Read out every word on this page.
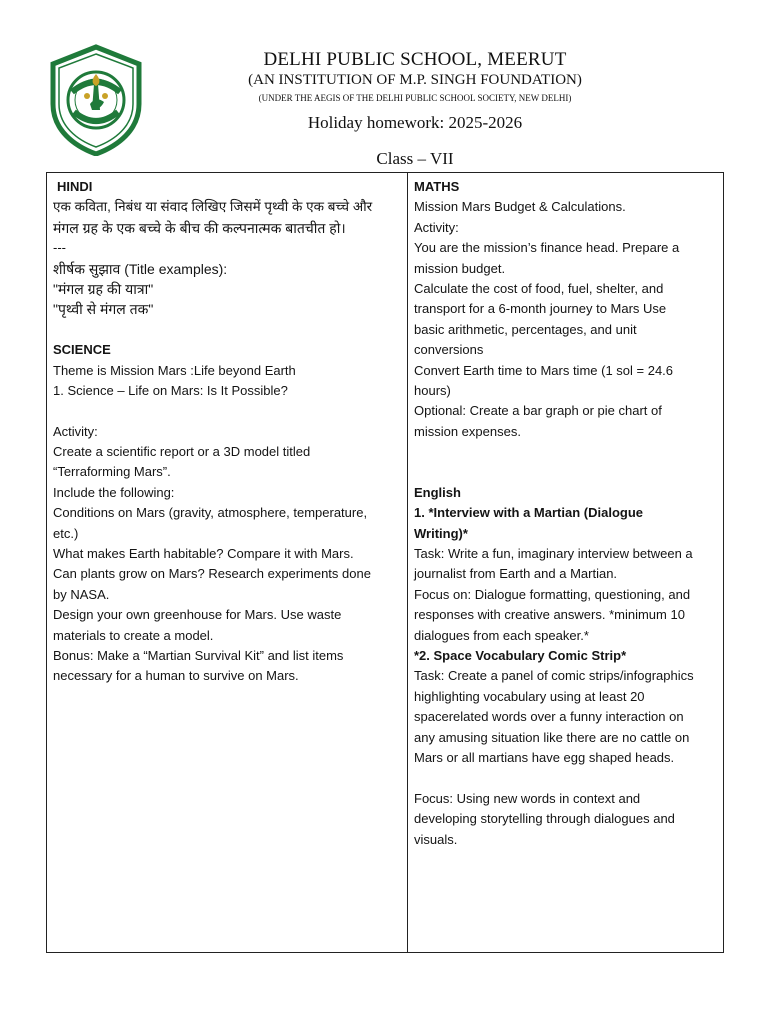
DELHI PUBLIC SCHOOL, MEERUT
(AN INSTITUTION OF M.P. SINGH FOUNDATION)
(UNDER THE AEGIS OF THE DELHI PUBLIC SCHOOL SOCIETY, NEW DELHI)
Holiday homework: 2025-2026
Class – VII
HINDI
एक कविता, निबंध या संवाद लिखिए जिसमें पृथ्वी के एक बच्चे और
मंगल ग्रह के एक बच्चे के बीच की कल्पनात्मक बातचीत हो।
---
शीर्षक सुझाव (Title examples):
"मंगल ग्रह की यात्रा"
"पृथ्वी से मंगल तक"
SCIENCE
Theme is Mission Mars :Life beyond Earth
1. Science – Life on Mars: Is It Possible?
Activity:
Create a scientific report or a 3D model titled
“Terraforming Mars”.
Include the following:
Conditions on Mars (gravity, atmosphere, temperature,
etc.)
What makes Earth habitable? Compare it with Mars.
Can plants grow on Mars? Research experiments done
by NASA.
Design your own greenhouse for Mars. Use waste
materials to create a model.
Bonus: Make a “Martian Survival Kit” and list items
necessary for a human to survive on Mars.
MATHS
Mission Mars Budget & Calculations.
Activity:
You are the mission’s finance head. Prepare a
mission budget.
Calculate the cost of food, fuel, shelter, and
transport for a 6-month journey to Mars Use
basic arithmetic, percentages, and unit
conversions
Convert Earth time to Mars time (1 sol = 24.6
hours)
Optional: Create a bar graph or pie chart of
mission expenses.
English
1. *Interview with a Martian (Dialogue
Writing)*
Task: Write a fun, imaginary interview between a
journalist from Earth and a Martian.
Focus on: Dialogue formatting, questioning, and
responses with creative answers. *minimum 10
dialogues from each speaker.*
*2. Space Vocabulary Comic Strip*
Task: Create a panel of comic strips/infographics
highlighting vocabulary using at least 20
spacerelated words over a funny interaction on
any amusing situation like there are no cattle on
Mars or all martians have egg shaped heads.
Focus: Using new words in context and
developing storytelling through dialogues and
visuals.
